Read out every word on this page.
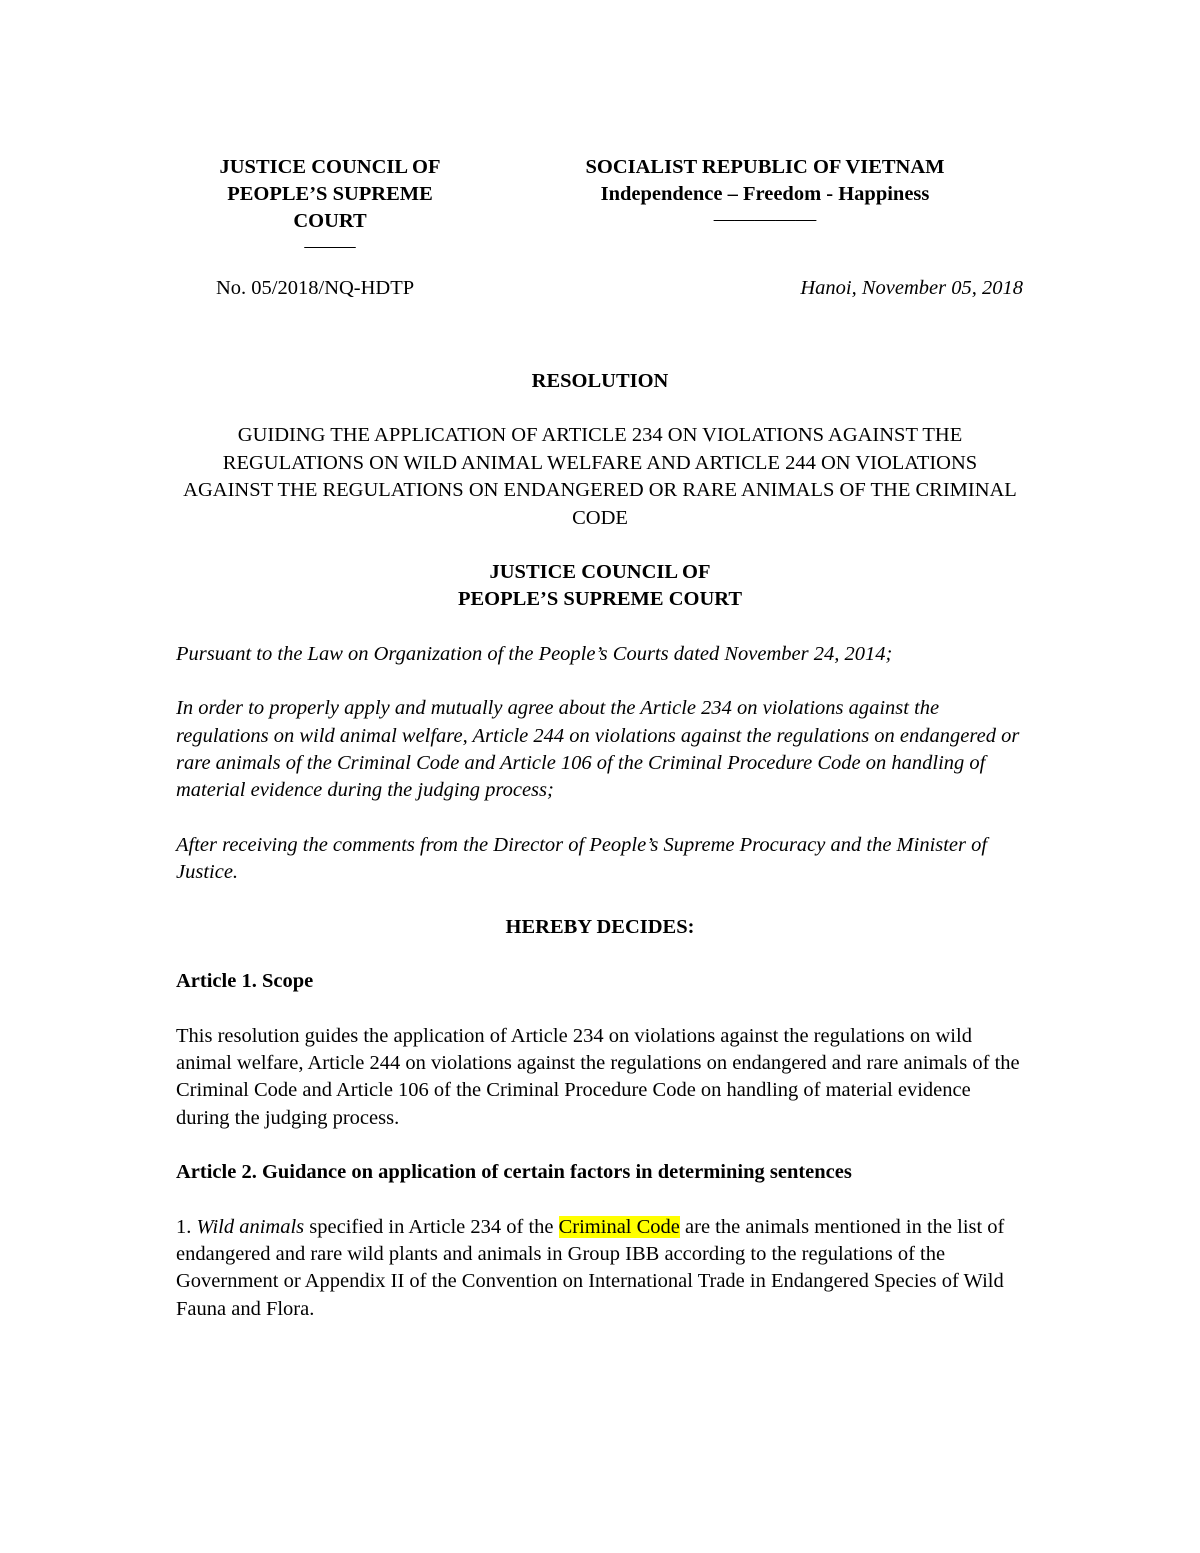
JUSTICE COUNCIL OF
PEOPLE’S SUPREME
COURT
–––––
SOCIALIST REPUBLIC OF VIETNAM
Independence – Freedom - Happiness
––––––––––
No. 05/2018/NQ-HDTP	Hanoi, November 05, 2018

RESOLUTION

GUIDING THE APPLICATION OF ARTICLE 234 ON VIOLATIONS AGAINST THE REGULATIONS ON WILD ANIMAL WELFARE AND ARTICLE 244 ON VIOLATIONS AGAINST THE REGULATIONS ON ENDANGERED OR RARE ANIMALS OF THE CRIMINAL CODE

JUSTICE COUNCIL OF
PEOPLE’S SUPREME COURT

Pursuant to the Law on Organization of the People’s Courts dated November 24, 2014;

In order to properly apply and mutually agree about the Article 234 on violations against the regulations on wild animal welfare, Article 244 on violations against the regulations on endangered or rare animals of the Criminal Code and Article 106 of the Criminal Procedure Code on handling of material evidence during the judging process;

After receiving the comments from the Director of People’s Supreme Procuracy and the Minister of Justice.

HEREBY DECIDES:

Article 1. Scope

This resolution guides the application of Article 234 on violations against the regulations on wild animal welfare, Article 244 on violations against the regulations on endangered and rare animals of the Criminal Code and Article 106 of the Criminal Procedure Code on handling of material evidence during the judging process.

Article 2. Guidance on application of certain factors in determining sentences

1. Wild animals specified in Article 234 of the Criminal Code are the animals mentioned in the list of endangered and rare wild plants and animals in Group IBB according to the regulations of the Government or Appendix II of the Convention on International Trade in Endangered Species of Wild Fauna and Flora.
